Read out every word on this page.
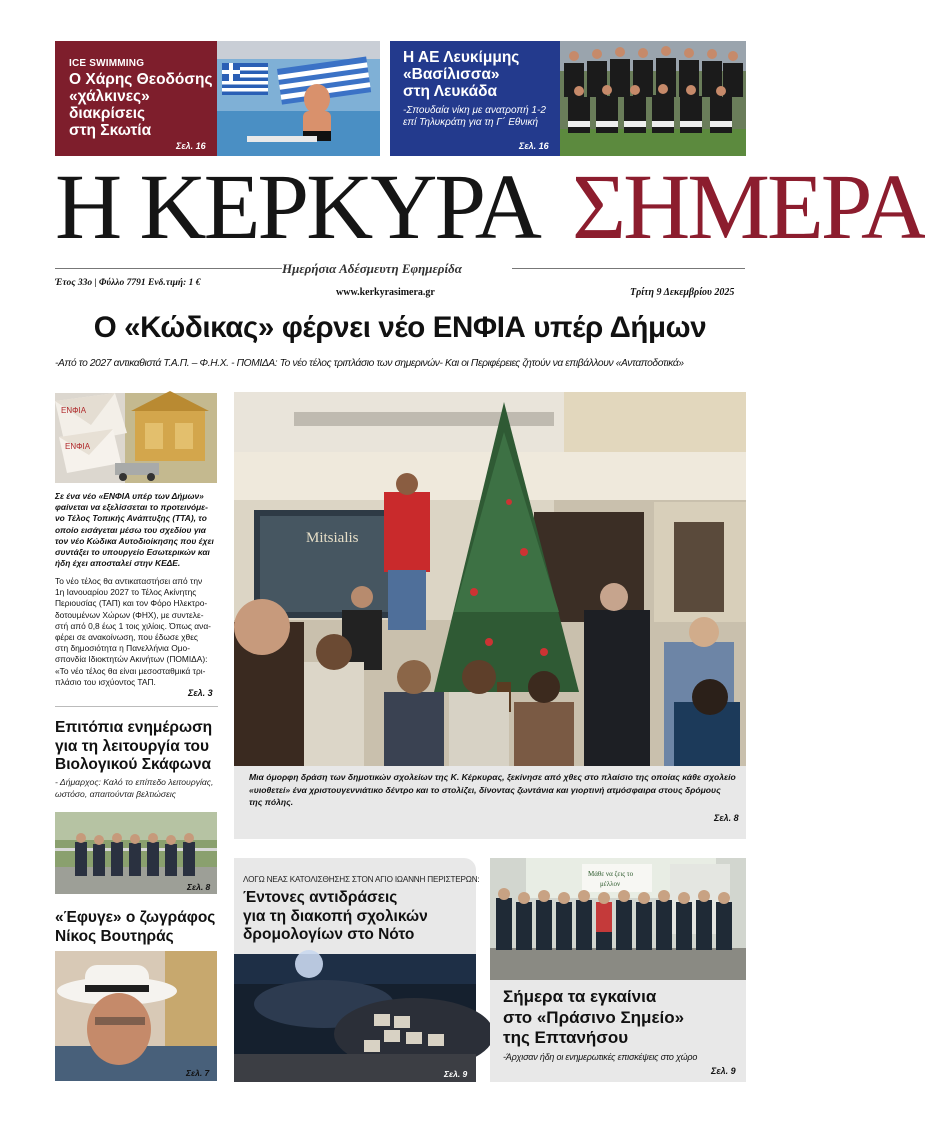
ICE SWIMMING
Ο Χάρης Θεοδόσης
«χάλκινες»
διακρίσεις
στη Σκωτία
Σελ. 16
Η ΑΕ Λευκίμμης
«Βασίλισσα»
στη Λευκάδα
-Σπουδαία νίκη με ανατροπή 1-2
επί Τηλυκράτη για τη Γ΄ Εθνική
Σελ. 16
Η ΚΕΡΚΥΡΑ ΣΗΜΕΡΑ
Ημερήσια Αδέσμευτη Εφημερίδα
Έτος 33ο | Φύλλο 7791 Ενδ.τιμή: 1 €
www.kerkyrasimera.gr	Τρίτη 9 Δεκεμβρίου 2025
Ο «Κώδικας» φέρνει νέο ΕΝΦΙΑ υπέρ Δήμων
-Από το 2027 αντικαθιστά Τ.Α.Π. – Φ.Η.Χ. - ΠΟΜΙΔΑ: Το νέο τέλος τριπλάσιο των σημερινών- Και οι Περιφέρειες ζητούν να επιβάλλουν «Ανταποδοτικά»
ΕΝΦΙΑ
ΕΝΦΙΑ
Σε ένα νέο «ΕΝΦΙΑ υπέρ των Δήμων»
φαίνεται να εξελίσσεται το προτεινόμε-
νο Τέλος Τοπικής Ανάπτυξης (ΤΤΑ), το
οποίο εισάγεται μέσω του σχεδίου για
τον νέο Κώδικα Αυτοδιοίκησης που έχει
συντάξει το υπουργείο Εσωτερικών και
ήδη έχει αποσταλεί στην ΚΕΔΕ.
Το νέο τέλος θα αντικαταστήσει από την
1η Ιανουαρίου 2027 το Τέλος Ακίνητης
Περιουσίας (ΤΑΠ) και τον Φόρο Ηλεκτρο-
δοτουμένων Χώρων (ΦΗΧ), με συντελε-
στή από 0,8 έως 1 τοις χιλίοις. Όπως ανα-
φέρει σε ανακοίνωση, που έδωσε χθες
στη δημοσιότητα η Πανελλήνια Ομο-
σπονδία Ιδιοκτητών Ακινήτων (ΠΟΜΙΔΑ):
«Το νέο τέλος θα είναι μεσοσταθμικά τρι-
πλάσιο του ισχύοντος ΤΑΠ.
Σελ. 3
Mitsialis
Μια όμορφη δράση των δημοτικών σχολείων της Κ. Κέρκυρας, ξεκίνησε από χθες στο πλαίσιο της οποίας κάθε σχολείο
«υιοθετεί» ένα χριστουγεννιάτικο δέντρο και το στολίζει, δίνοντας ζωντάνια και γιορτινή ατμόσφαιρα στους δρόμους
της πόλης.
Σελ. 8
Επιτόπια ενημέρωση
για τη λειτουργία του
Βιολογικού Σκάφωνα
- Δήμαρχος: Καλό το επίπεδο λειτουργίας,
ωστόσο, απαιτούνται βελτιώσεις
Σελ. 8
«Έφυγε» ο ζωγράφος
Νίκος Βουτηράς
Σελ. 7
ΛΟΓΩ ΝΕΑΣ ΚΑΤΟΛΙΣΘΗΣΗΣ ΣΤΟΝ ΑΓΙΟ ΙΩΑΝΝΗ ΠΕΡΙΣΤΕΡΩΝ:
Έντονες αντιδράσεις
για τη διακοπή σχολικών
δρομολογίων στο Νότο
Σελ. 9
Μάθε να ζεις το
μέλλον
Σήμερα τα εγκαίνια
στο «Πράσινο Σημείο»
της Επτανήσου
-Άρχισαν ήδη οι ενημερωτικές επισκέψεις στο χώρο
Σελ. 9
